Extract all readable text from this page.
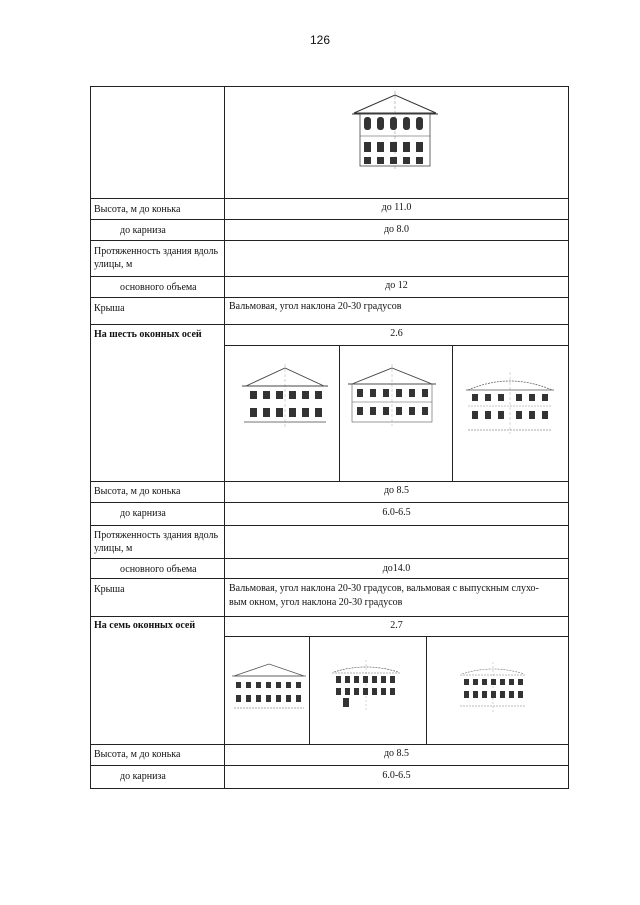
126
Высота, м до конька	до 11.0
до карниза	до 8.0
Протяженность здания вдоль улицы, м
основного объема	до 12
Крыша	Вальмовая, угол наклона 20-30 градусов
На шесть оконных осей	2.6
Высота, м до конька	до 8.5
до карниза	6.0-6.5
Протяженность здания вдоль улицы, м
основного объема	до14.0
Крыша	Вальмовая, угол наклона 20-30 градусов, вальмовая с выпускным слухо-
вым окном, угол наклона 20-30 градусов
На семь оконных осей	2.7
Высота, м до конька	до 8.5
до карниза	6.0-6.5
